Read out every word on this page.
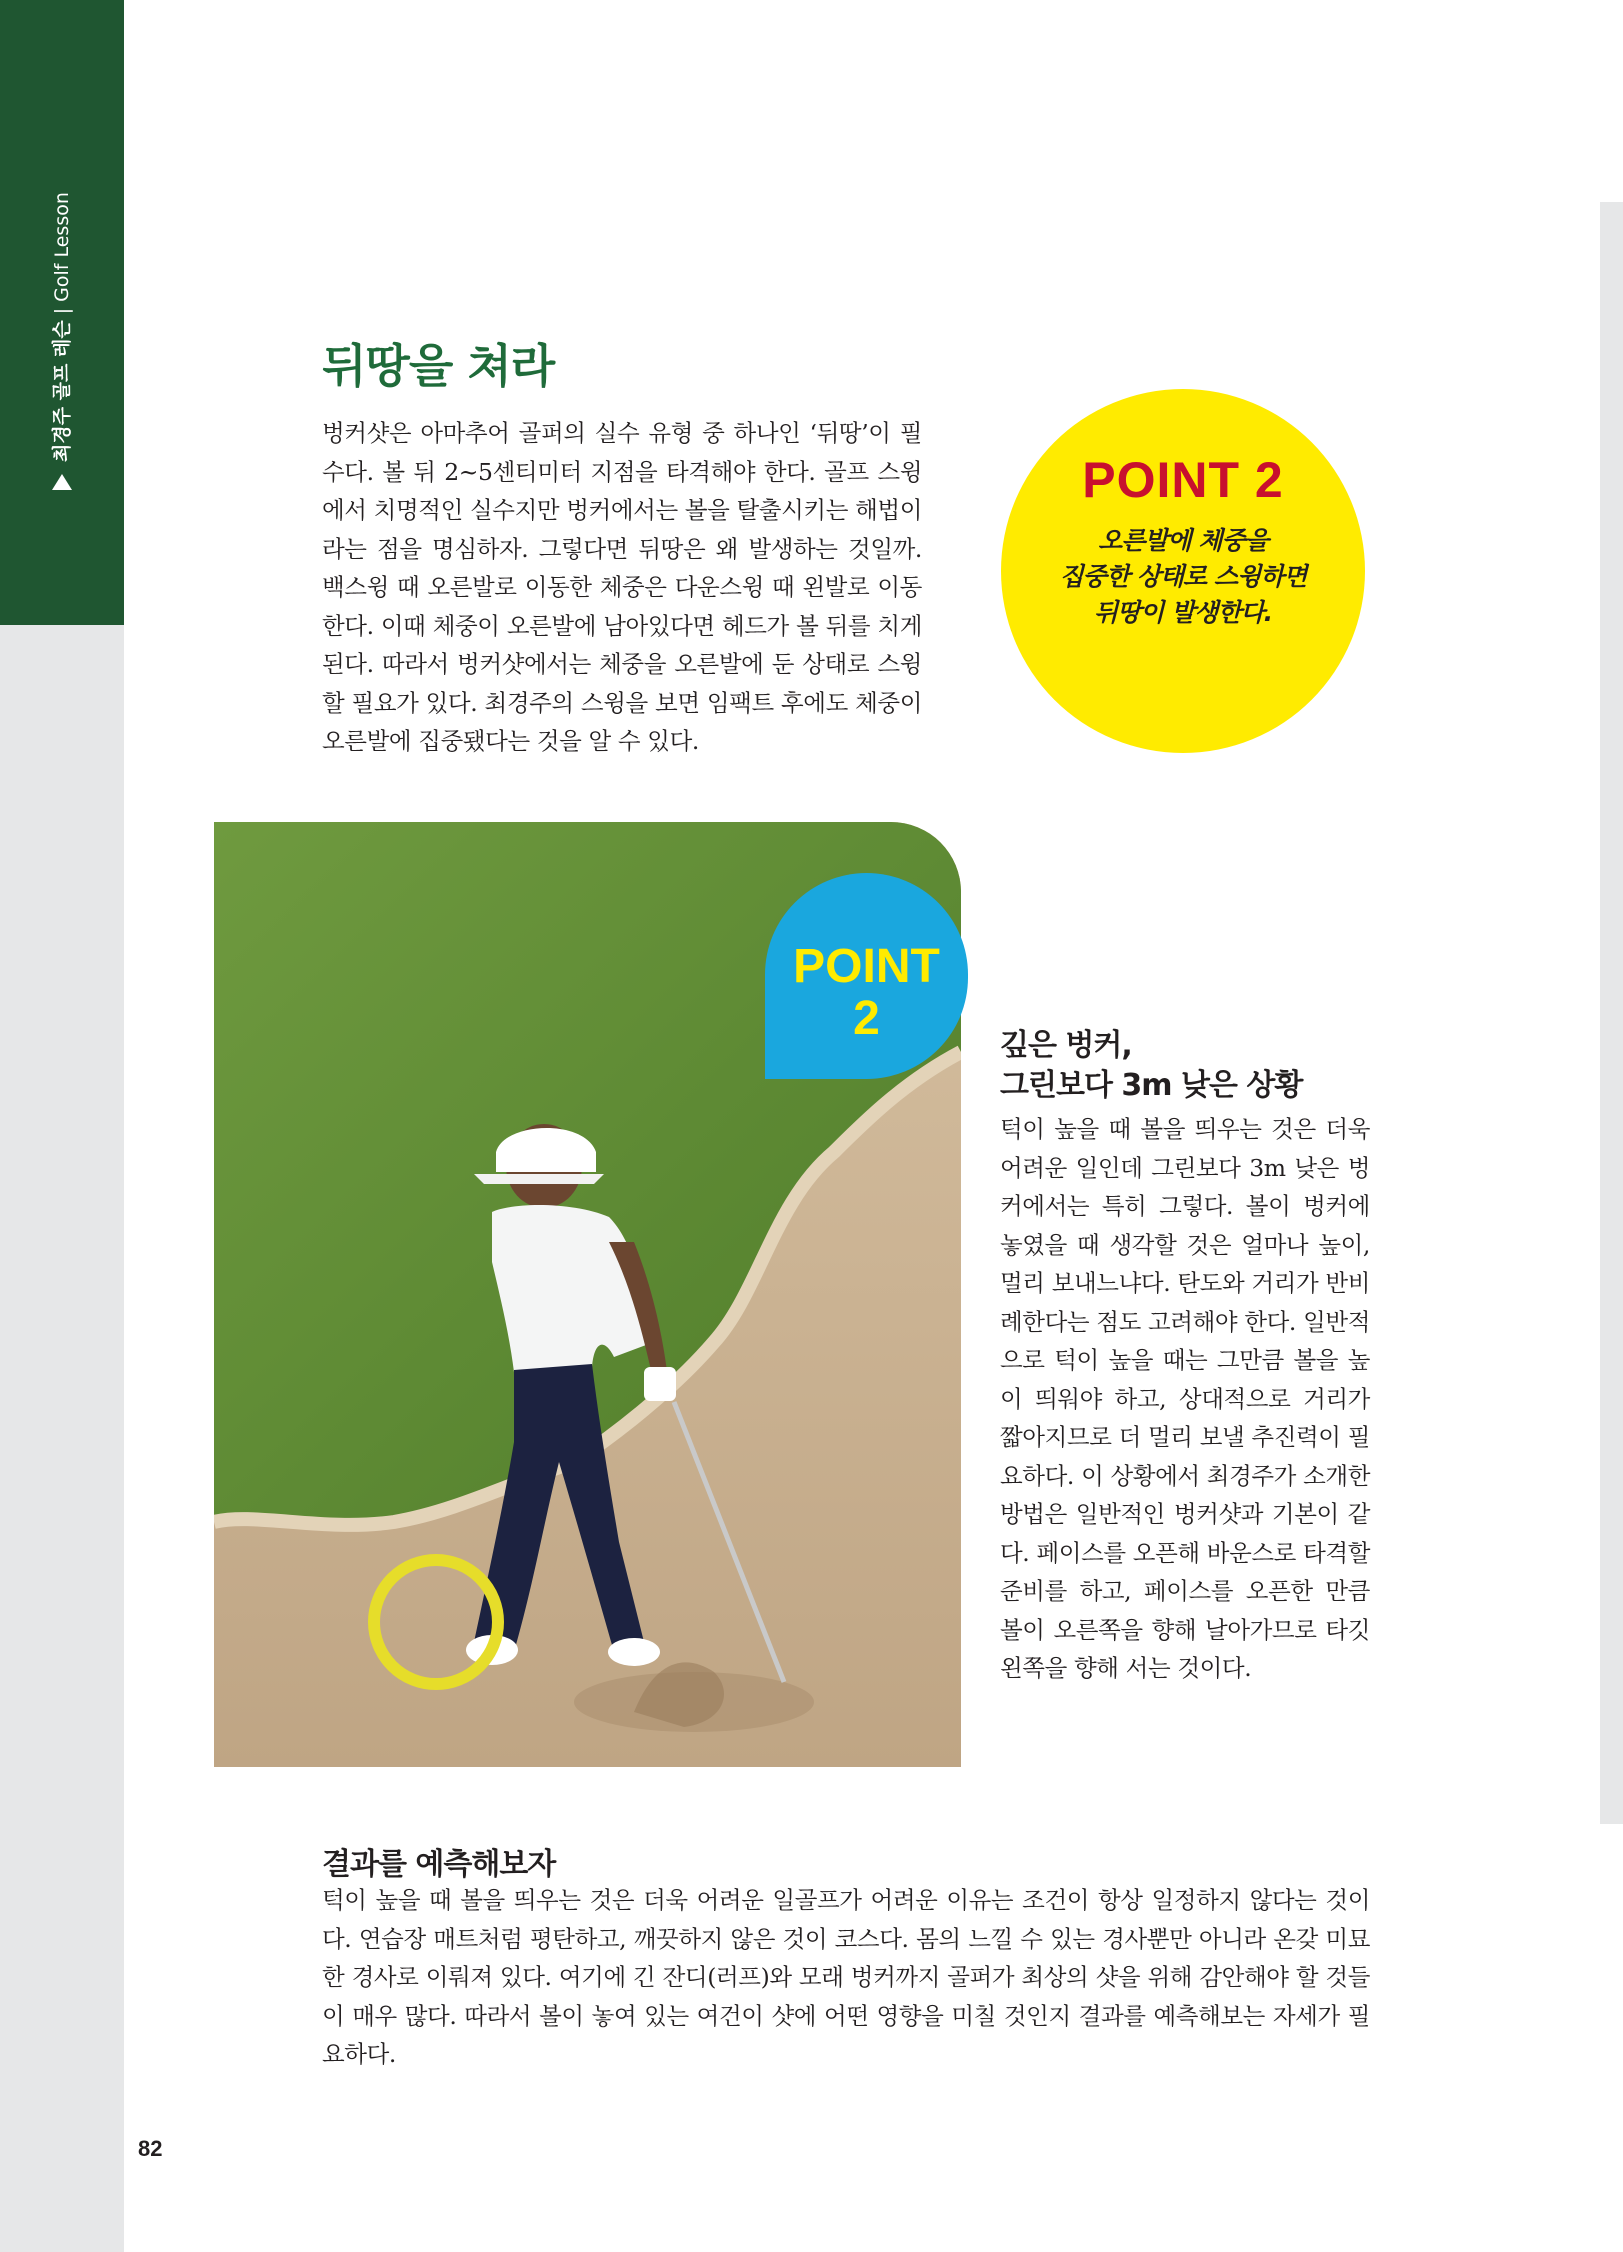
최경주 골프 레슨
|
Golf Lesson
뒤땅을 쳐라

벙커샷은 아마추어 골퍼의 실수 유형 중 하나인 ‘뒤땅’이 필수다. 볼 뒤 2~5센티미터 지점을 타격해야 한다. 골프 스윙에서 치명적인 실수지만 벙커에서는 볼을 탈출시키는 해법이라는 점을 명심하자. 그렇다면 뒤땅은 왜 발생하는 것일까. 백스윙 때 오른발로 이동한 체중은 다운스윙 때 왼발로 이동한다. 이때 체중이 오른발에 남아있다면 헤드가 볼 뒤를 치게 된다. 따라서 벙커샷에서는 체중을 오른발에 둔 상태로 스윙할 필요가 있다. 최경주의 스윙을 보면 임팩트 후에도 체중이 오른발에 집중됐다는 것을 알 수 있다.

POINT 2
오른발에 체중을
집중한 상태로 스윙하면
뒤땅이 발생한다.
POINT
2
깊은 벙커,
그린보다 3m 낮은 상황

턱이 높을 때 볼을 띄우는 것은 더욱 어려운 일인데 그린보다 3m 낮은 벙커에서는 특히 그렇다. 볼이 벙커에 놓였을 때 생각할 것은 얼마나 높이, 멀리 보내느냐다. 탄도와 거리가 반비례한다는 점도 고려해야 한다. 일반적으로 턱이 높을 때는 그만큼 볼을 높이 띄워야 하고, 상대적으로 거리가 짧아지므로 더 멀리 보낼 추진력이 필요하다. 이 상황에서 최경주가 소개한 방법은 일반적인 벙커샷과 기본이 같다. 페이스를 오픈해 바운스로 타격할 준비를 하고, 페이스를 오픈한 만큼 볼이 오른쪽을 향해 날아가므로 타깃 왼쪽을 향해 서는 것이다.

결과를 예측해보자

턱이 높을 때 볼을 띄우는 것은 더욱 어려운 일골프가 어려운 이유는 조건이 항상 일정하지 않다는 것이다. 연습장 매트처럼 평탄하고, 깨끗하지 않은 것이 코스다. 몸의 느낄 수 있는 경사뿐만 아니라 온갖 미묘한 경사로 이뤄져 있다. 여기에 긴 잔디(러프)와 모래 벙커까지 골퍼가 최상의 샷을 위해 감안해야 할 것들이 매우 많다. 따라서 볼이 놓여 있는 여건이 샷에 어떤 영향을 미칠 것인지 결과를 예측해보는 자세가 필요하다.

82
